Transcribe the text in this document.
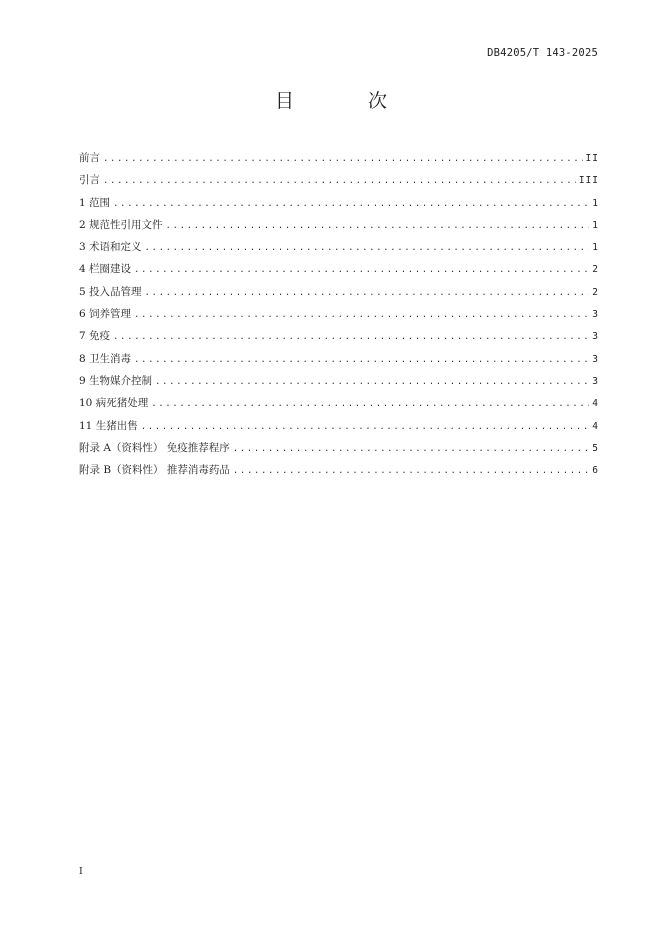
DB4205/T 143-2025
目 次
前言 .....	II
引言 .....	III
1 范围 .....	1
2 规范性引用文件 .....	1
3 术语和定义 .....	1
4 栏圈建设 .....	2
5 投入品管理 .....	2
6 饲养管理 .....	3
7 免疫 .....	3
8 卫生消毒 .....	3
9 生物媒介控制 .....	3
10 病死猪处理 .....	4
11 生猪出售 .....	4
附录 A（资料性） 免疫推荐程序 .....	5
附录 B（资料性） 推荐消毒药品 .....	6
I
